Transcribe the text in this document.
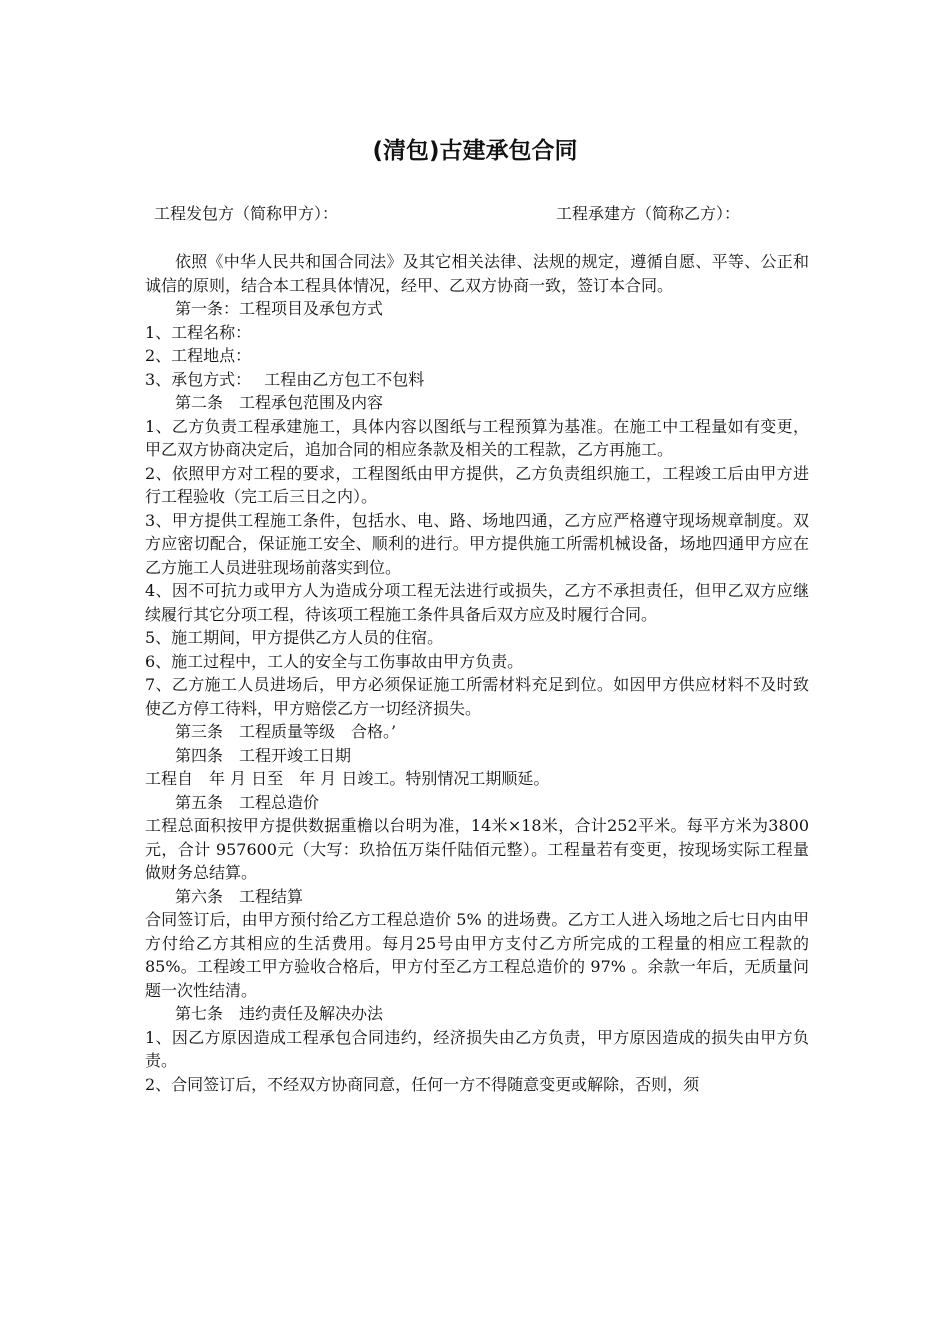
(清包)古建承包合同
工程发包方（简称甲方）：	工程承建方（简称乙方）：

依照《中华人民共和国合同法》及其它相关法律、法规的规定，遵循自愿、平等、公正和诚信的原则，结合本工程具体情况，经甲、乙双方协商一致，签订本合同。

第一条：工程项目及承包方式

1、工程名称：

2、工程地点：

3、承包方式：　 工程由乙方包工不包料

第二条　工程承包范围及内容

1、乙方负责工程承建施工，具体内容以图纸与工程预算为基准。在施工中工程量如有变更，甲乙双方协商决定后，追加合同的相应条款及相关的工程款，乙方再施工。

2、依照甲方对工程的要求，工程图纸由甲方提供，乙方负责组织施工，工程竣工后由甲方进行工程验收（完工后三日之内）。

3、甲方提供工程施工条件，包括水、电、路、场地四通，乙方应严格遵守现场规章制度。双方应密切配合，保证施工安全、顺利的进行。甲方提供施工所需机械设备，场地四通甲方应在乙方施工人员进驻现场前落实到位。

4、因不可抗力或甲方人为造成分项工程无法进行或损失，乙方不承担责任，但甲乙双方应继续履行其它分项工程，待该项工程施工条件具备后双方应及时履行合同。

5、施工期间，甲方提供乙方人员的住宿。

6、施工过程中，工人的安全与工伤事故由甲方负责。

7、乙方施工人员进场后，甲方必须保证施工所需材料充足到位。如因甲方供应材料不及时致使乙方停工待料，甲方赔偿乙方一切经济损失。

第三条　工程质量等级　合格。’

第四条　工程开竣工日期

工程自　年 月 日至　年 月 日竣工。特别情况工期顺延。

第五条　工程总造价

工程总面积按甲方提供数据重檐以台明为准，14米×18米，合计252平米。每平方米为3800元，合计 957600元（大写：玖拾伍万柒仟陆佰元整）。工程量若有变更，按现场实际工程量做财务总结算。

第六条　工程结算

合同签订后，由甲方预付给乙方工程总造价 5% 的进场费。乙方工人进入场地之后七日内由甲方付给乙方其相应的生活费用。每月25号由甲方支付乙方所完成的工程量的相应工程款的85%。工程竣工甲方验收合格后，甲方付至乙方工程总造价的 97% 。余款一年后，无质量问题一次性结清。

第七条　违约责任及解决办法

1、因乙方原因造成工程承包合同违约，经济损失由乙方负责，甲方原因造成的损失由甲方负责。

2、合同签订后，不经双方协商同意，任何一方不得随意变更或解除，否则，须
